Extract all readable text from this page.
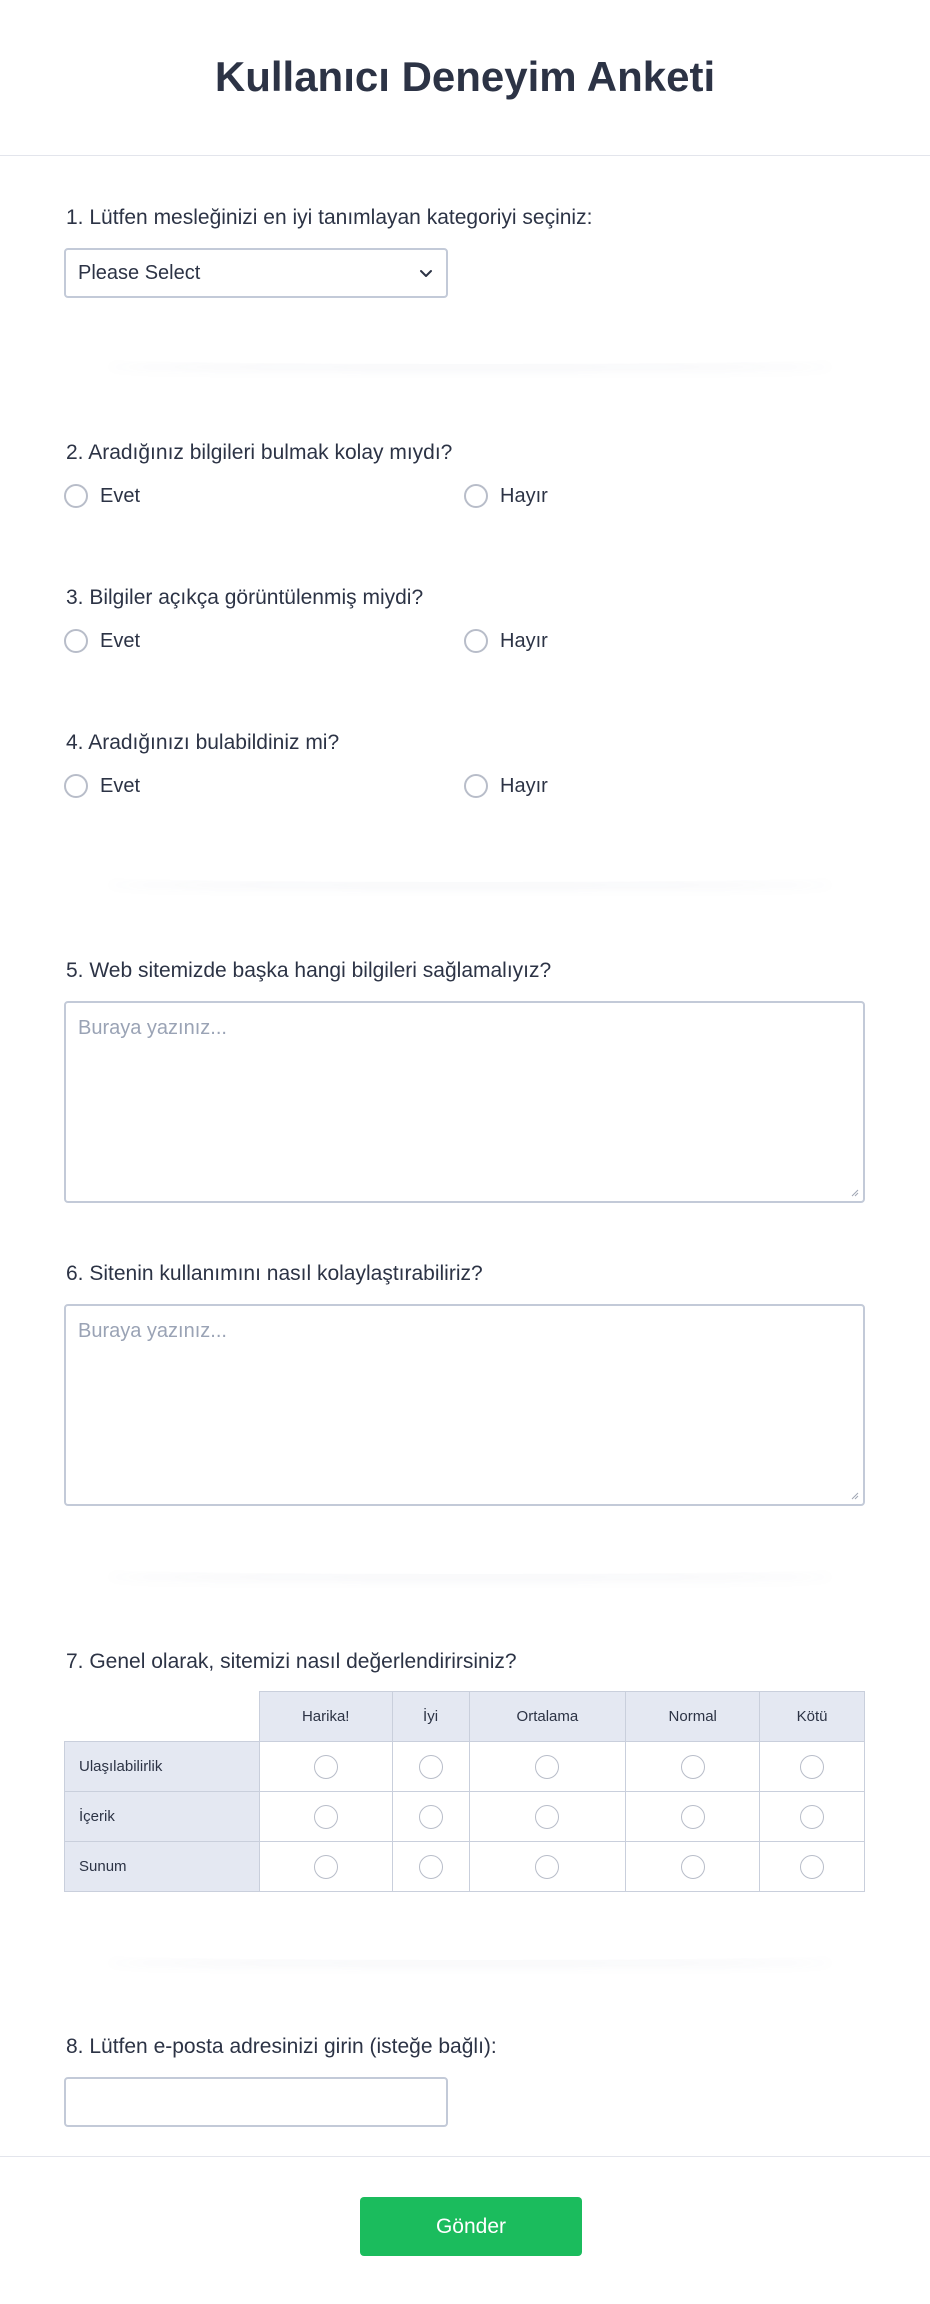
Kullanıcı Deneyim Anketi
1. Lütfen mesleğinizi en iyi tanımlayan kategoriyi seçiniz:
Please Select
2. Aradığınız bilgileri bulmak kolay mıydı?
Evet	Hayır
3. Bilgiler açıkça görüntülenmiş miydi?
Evet	Hayır
4. Aradığınızı bulabildiniz mi?
Evet	Hayır
5. Web sitemizde başka hangi bilgileri sağlamalıyız?
Buraya yazınız...
6. Sitenin kullanımını nasıl kolaylaştırabiliriz?
Buraya yazınız...
7. Genel olarak, sitemizi nasıl değerlendirirsiniz?
	Harika!	İyi	Ortalama	Normal	Kötü
Ulaşılabilirlik					
İçerik					
Sunum					
8. Lütfen e-posta adresinizi girin (isteğe bağlı):
Gönder
